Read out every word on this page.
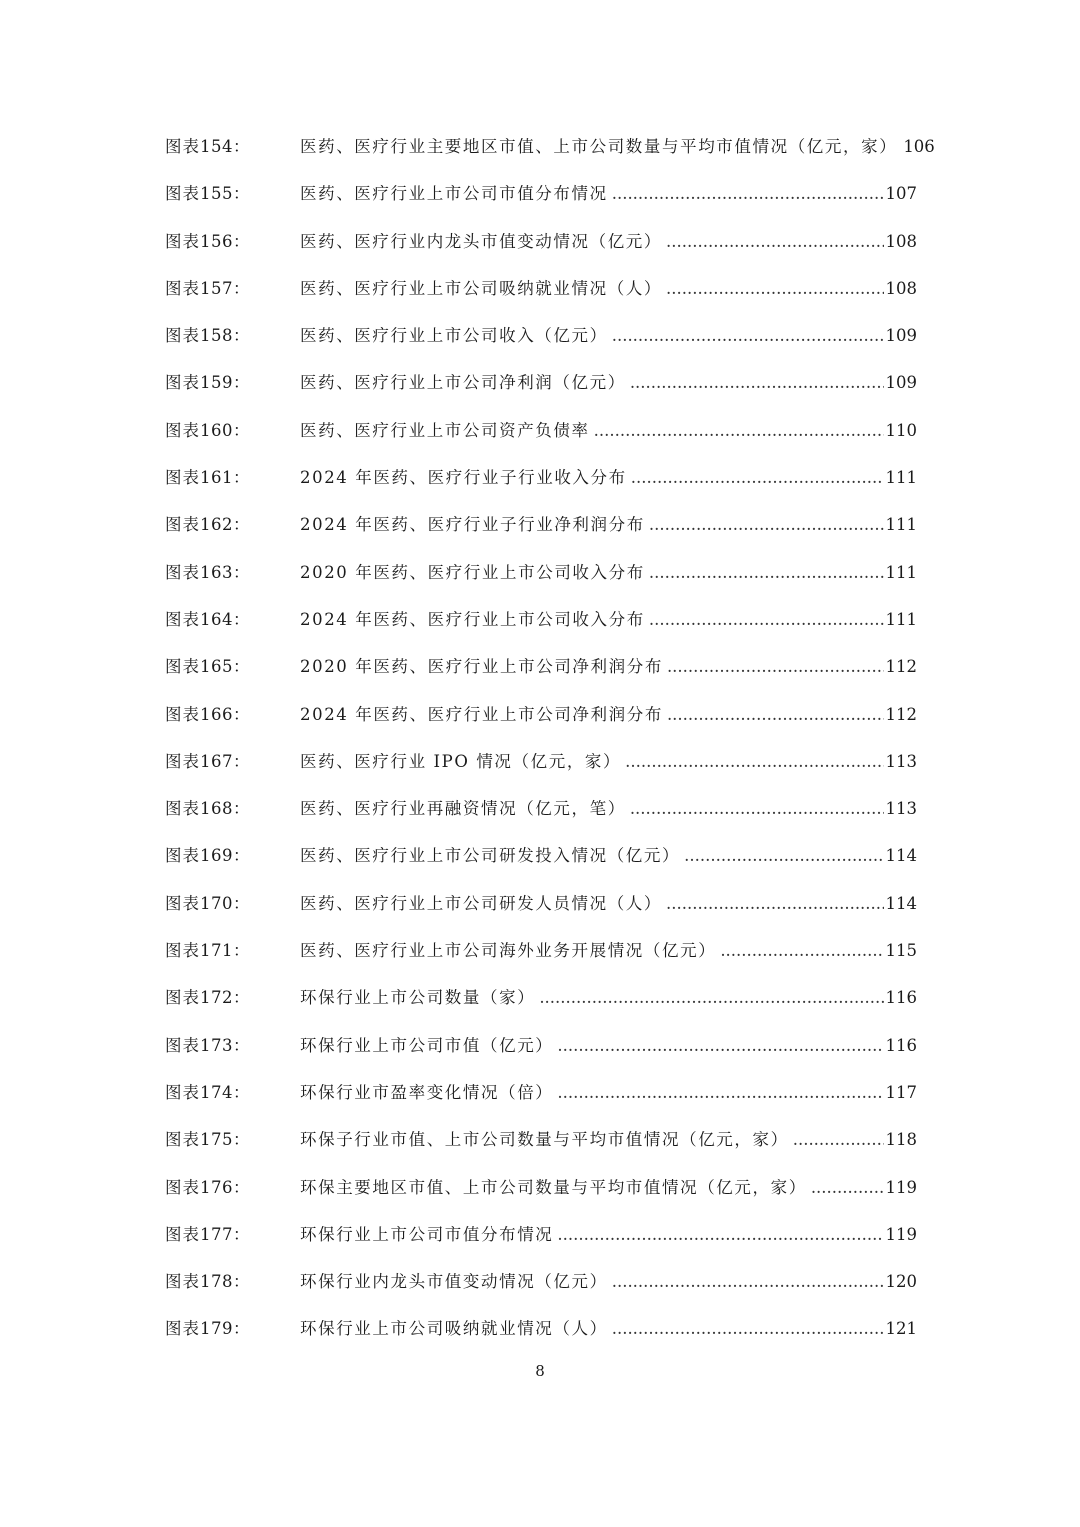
图表 154：	医药、医疗行业主要地区市值、上市公司数量与平均市值情况（亿元，家） 106
图表 155：	医药、医疗行业上市公司市值分布情况 .....	107
图表 156：	医药、医疗行业内龙头市值变动情况（亿元） .....	108
图表 157：	医药、医疗行业上市公司吸纳就业情况（人） .....	108
图表 158：	医药、医疗行业上市公司收入（亿元） .....	109
图表 159：	医药、医疗行业上市公司净利润（亿元） .....	109
图表 160：	医药、医疗行业上市公司资产负债率 .....	110
图表 161：	2024 年医药、医疗行业子行业收入分布 .....	111
图表 162：	2024 年医药、医疗行业子行业净利润分布 .....	111
图表 163：	2020 年医药、医疗行业上市公司收入分布 .....	111
图表 164：	2024 年医药、医疗行业上市公司收入分布 .....	111
图表 165：	2020 年医药、医疗行业上市公司净利润分布 .....	112
图表 166：	2024 年医药、医疗行业上市公司净利润分布 .....	112
图表 167：	医药、医疗行业 IPO 情况（亿元，家） .....	113
图表 168：	医药、医疗行业再融资情况（亿元，笔） .....	113
图表 169：	医药、医疗行业上市公司研发投入情况（亿元） .....	114
图表 170：	医药、医疗行业上市公司研发人员情况（人） .....	114
图表 171：	医药、医疗行业上市公司海外业务开展情况（亿元） .....	115
图表 172：	环保行业上市公司数量（家） .....	116
图表 173：	环保行业上市公司市值（亿元） .....	116
图表 174：	环保行业市盈率变化情况（倍） .....	117
图表 175：	环保子行业市值、上市公司数量与平均市值情况（亿元，家） .....	118
图表 176：	环保主要地区市值、上市公司数量与平均市值情况（亿元，家） .....	119
图表 177：	环保行业上市公司市值分布情况 .....	119
图表 178：	环保行业内龙头市值变动情况（亿元） .....	120
图表 179：	环保行业上市公司吸纳就业情况（人） .....	121
8
